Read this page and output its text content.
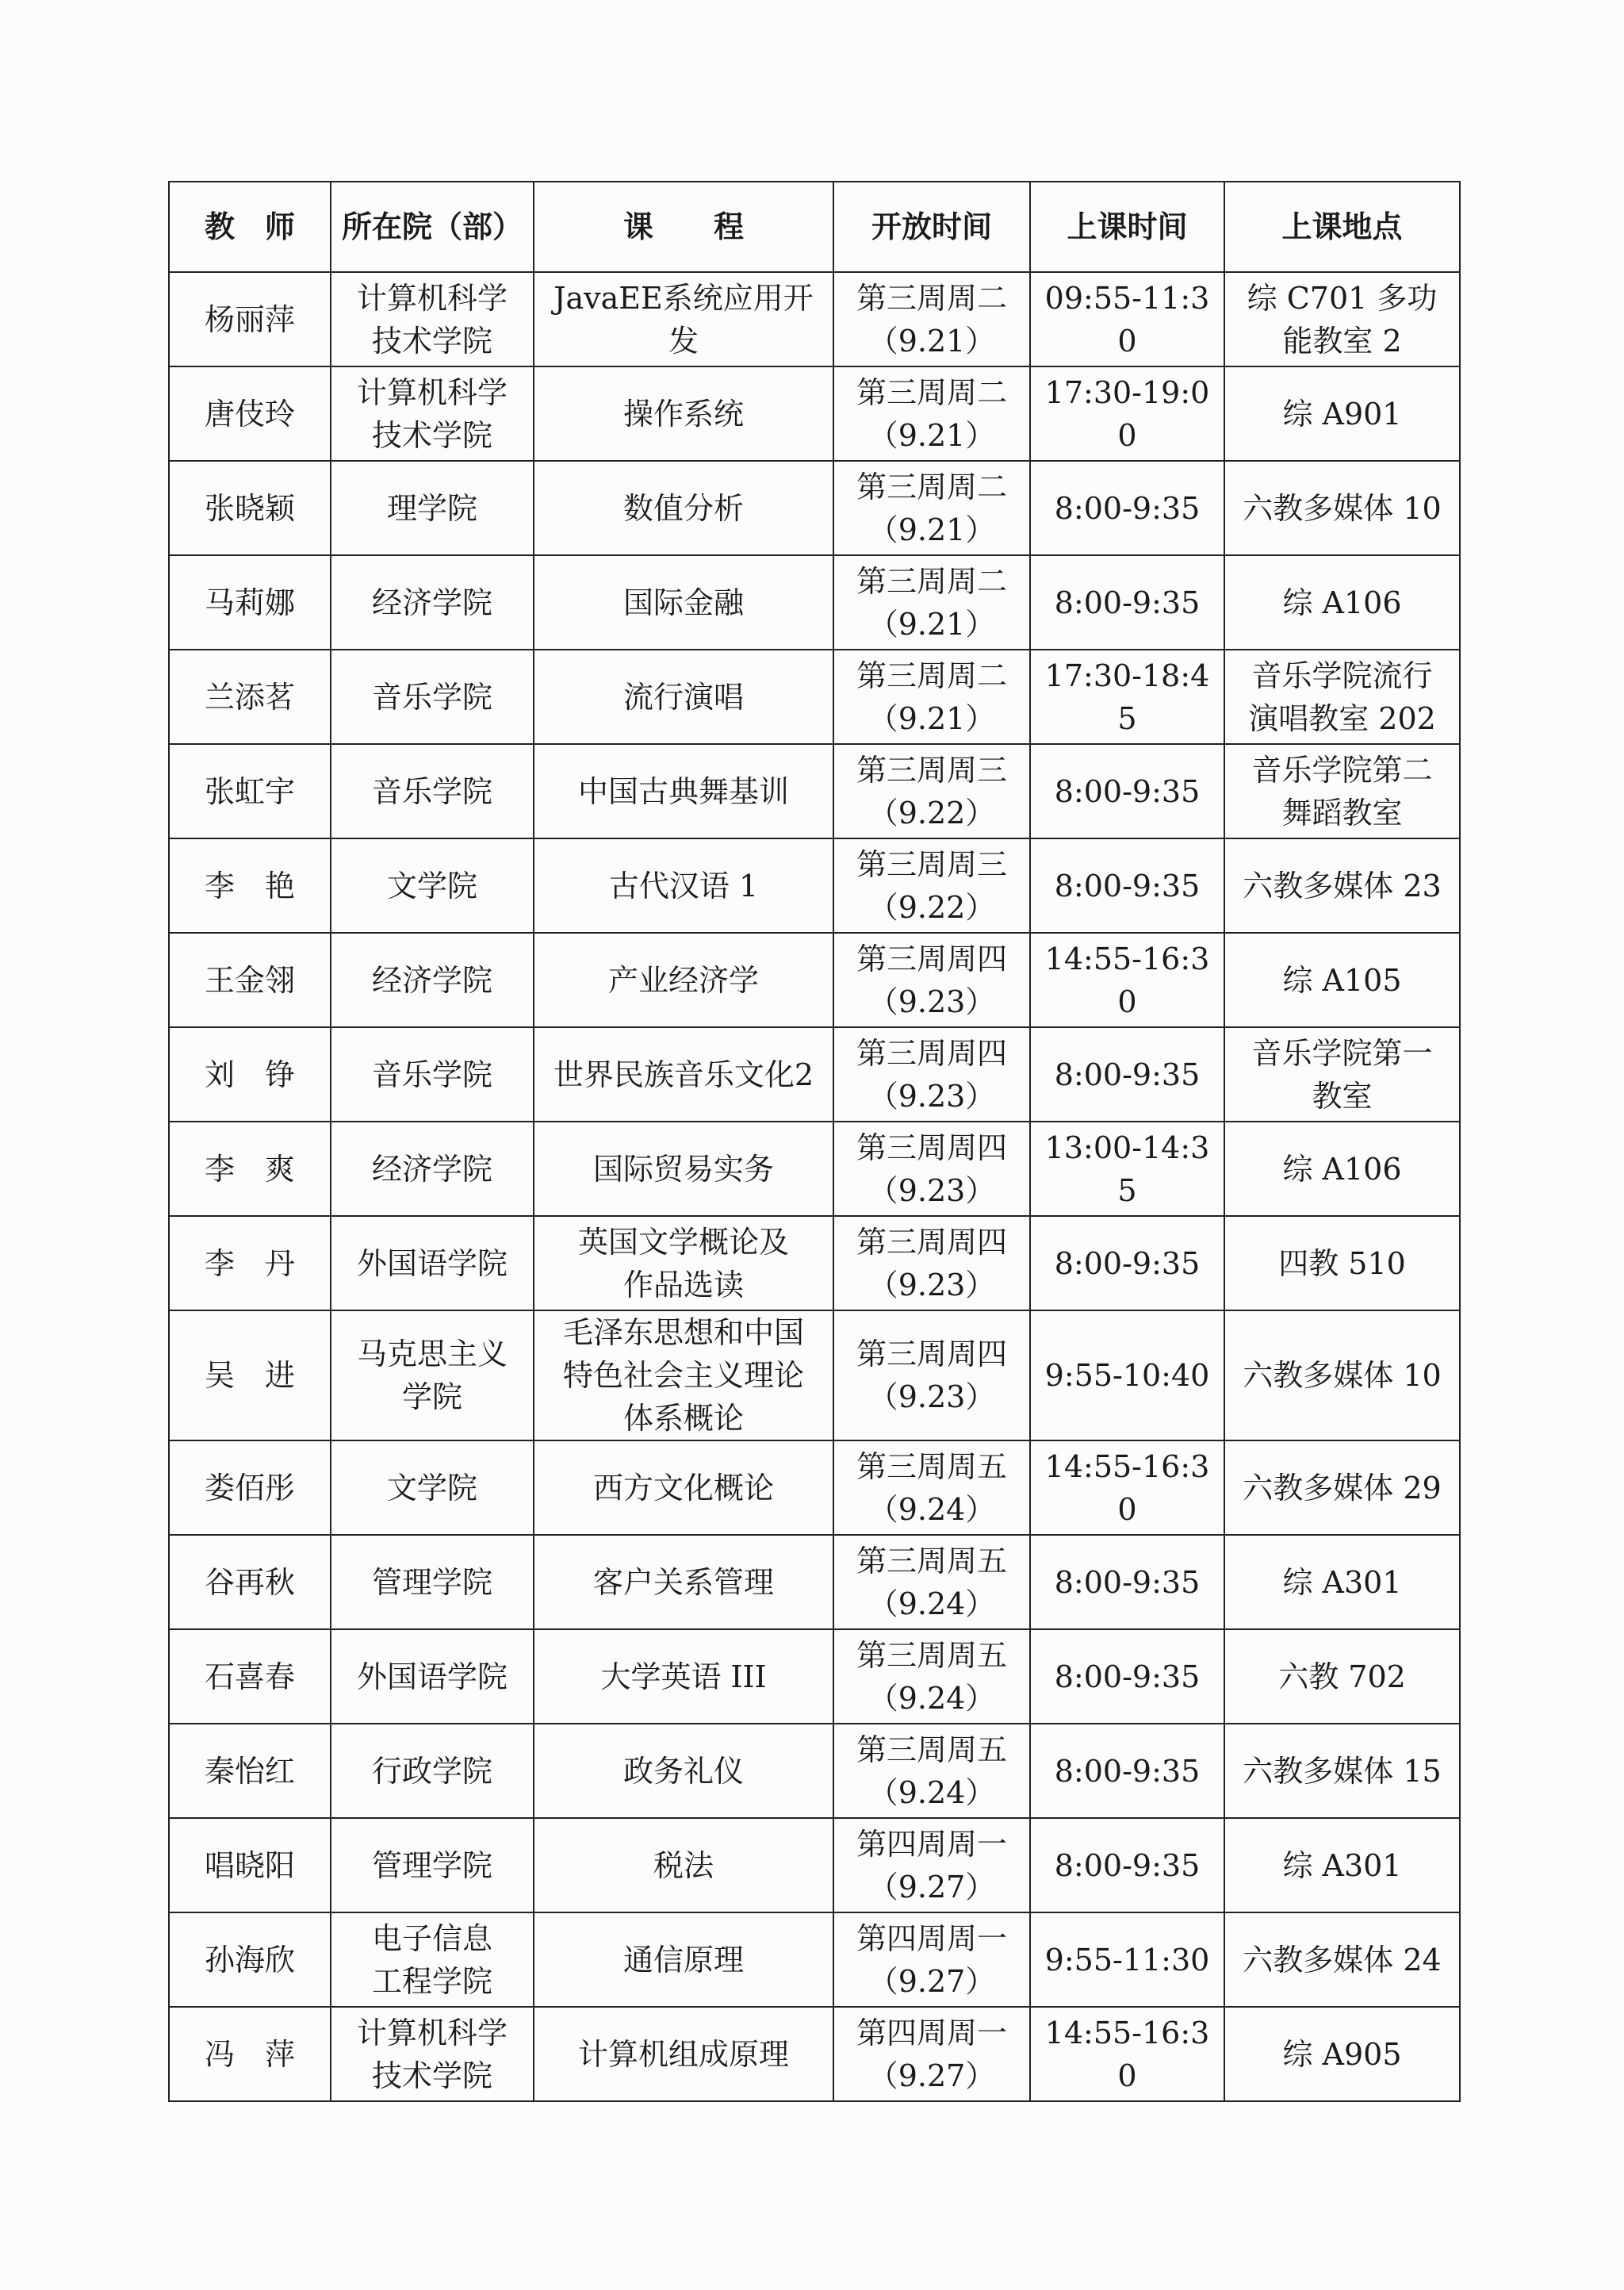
教　师	所在院（部）	课　　程	开放时间	上课时间	上课地点
杨丽萍	计算机科学
技术学院	JavaEE系统应用开发	第三周周二
（9.21）	09:55-11:30	综 C701 多功
能教室 2

唐伎玲	计算机科学
技术学院	操作系统	第三周周二
（9.21）	17:30-19:00	综 A901

张晓颖	理学院	数值分析	第三周周二
（9.21）	8:00-9:35	六教多媒体 10

马莉娜	经济学院	国际金融	第三周周二
（9.21）	8:00-9:35	综 A106

兰添茗	音乐学院	流行演唱	第三周周二
（9.21）	17:30-18:45	音乐学院流行
演唱教室 202

张虹宇	音乐学院	中国古典舞基训	第三周周三
（9.22）	8:00-9:35	音乐学院第二
舞蹈教室

李　艳	文学院	古代汉语 1	第三周周三
（9.22）	8:00-9:35	六教多媒体 23

王金翎	经济学院	产业经济学	第三周周四
（9.23）	14:55-16:30	综 A105

刘　铮	音乐学院	世界民族音乐文化2	第三周周四
（9.23）	8:00-9:35	音乐学院第一
教室

李　爽	经济学院	国际贸易实务	第三周周四
（9.23）	13:00-14:35	综 A106

李　丹	外国语学院	英国文学概论及
作品选读	第三周周四
（9.23）	8:00-9:35	四教 510

吴　进	马克思主义
学院	毛泽东思想和中国
特色社会主义理论
体系概论	第三周周四
（9.23）	9:55-10:40	六教多媒体 10

娄佰彤	文学院	西方文化概论	第三周周五
（9.24）	14:55-16:30	六教多媒体 29

谷再秋	管理学院	客户关系管理	第三周周五
（9.24）	8:00-9:35	综 A301

石喜春	外国语学院	大学英语 III	第三周周五
（9.24）	8:00-9:35	六教 702

秦怡红	行政学院	政务礼仪	第三周周五
（9.24）	8:00-9:35	六教多媒体 15

唱晓阳	管理学院	税法	第四周周一
（9.27）	8:00-9:35	综 A301

孙海欣	电子信息
工程学院	通信原理	第四周周一
（9.27）	9:55-11:30	六教多媒体 24

冯　萍	计算机科学
技术学院	计算机组成原理	第四周周一
（9.27）	14:55-16:30	综 A905
